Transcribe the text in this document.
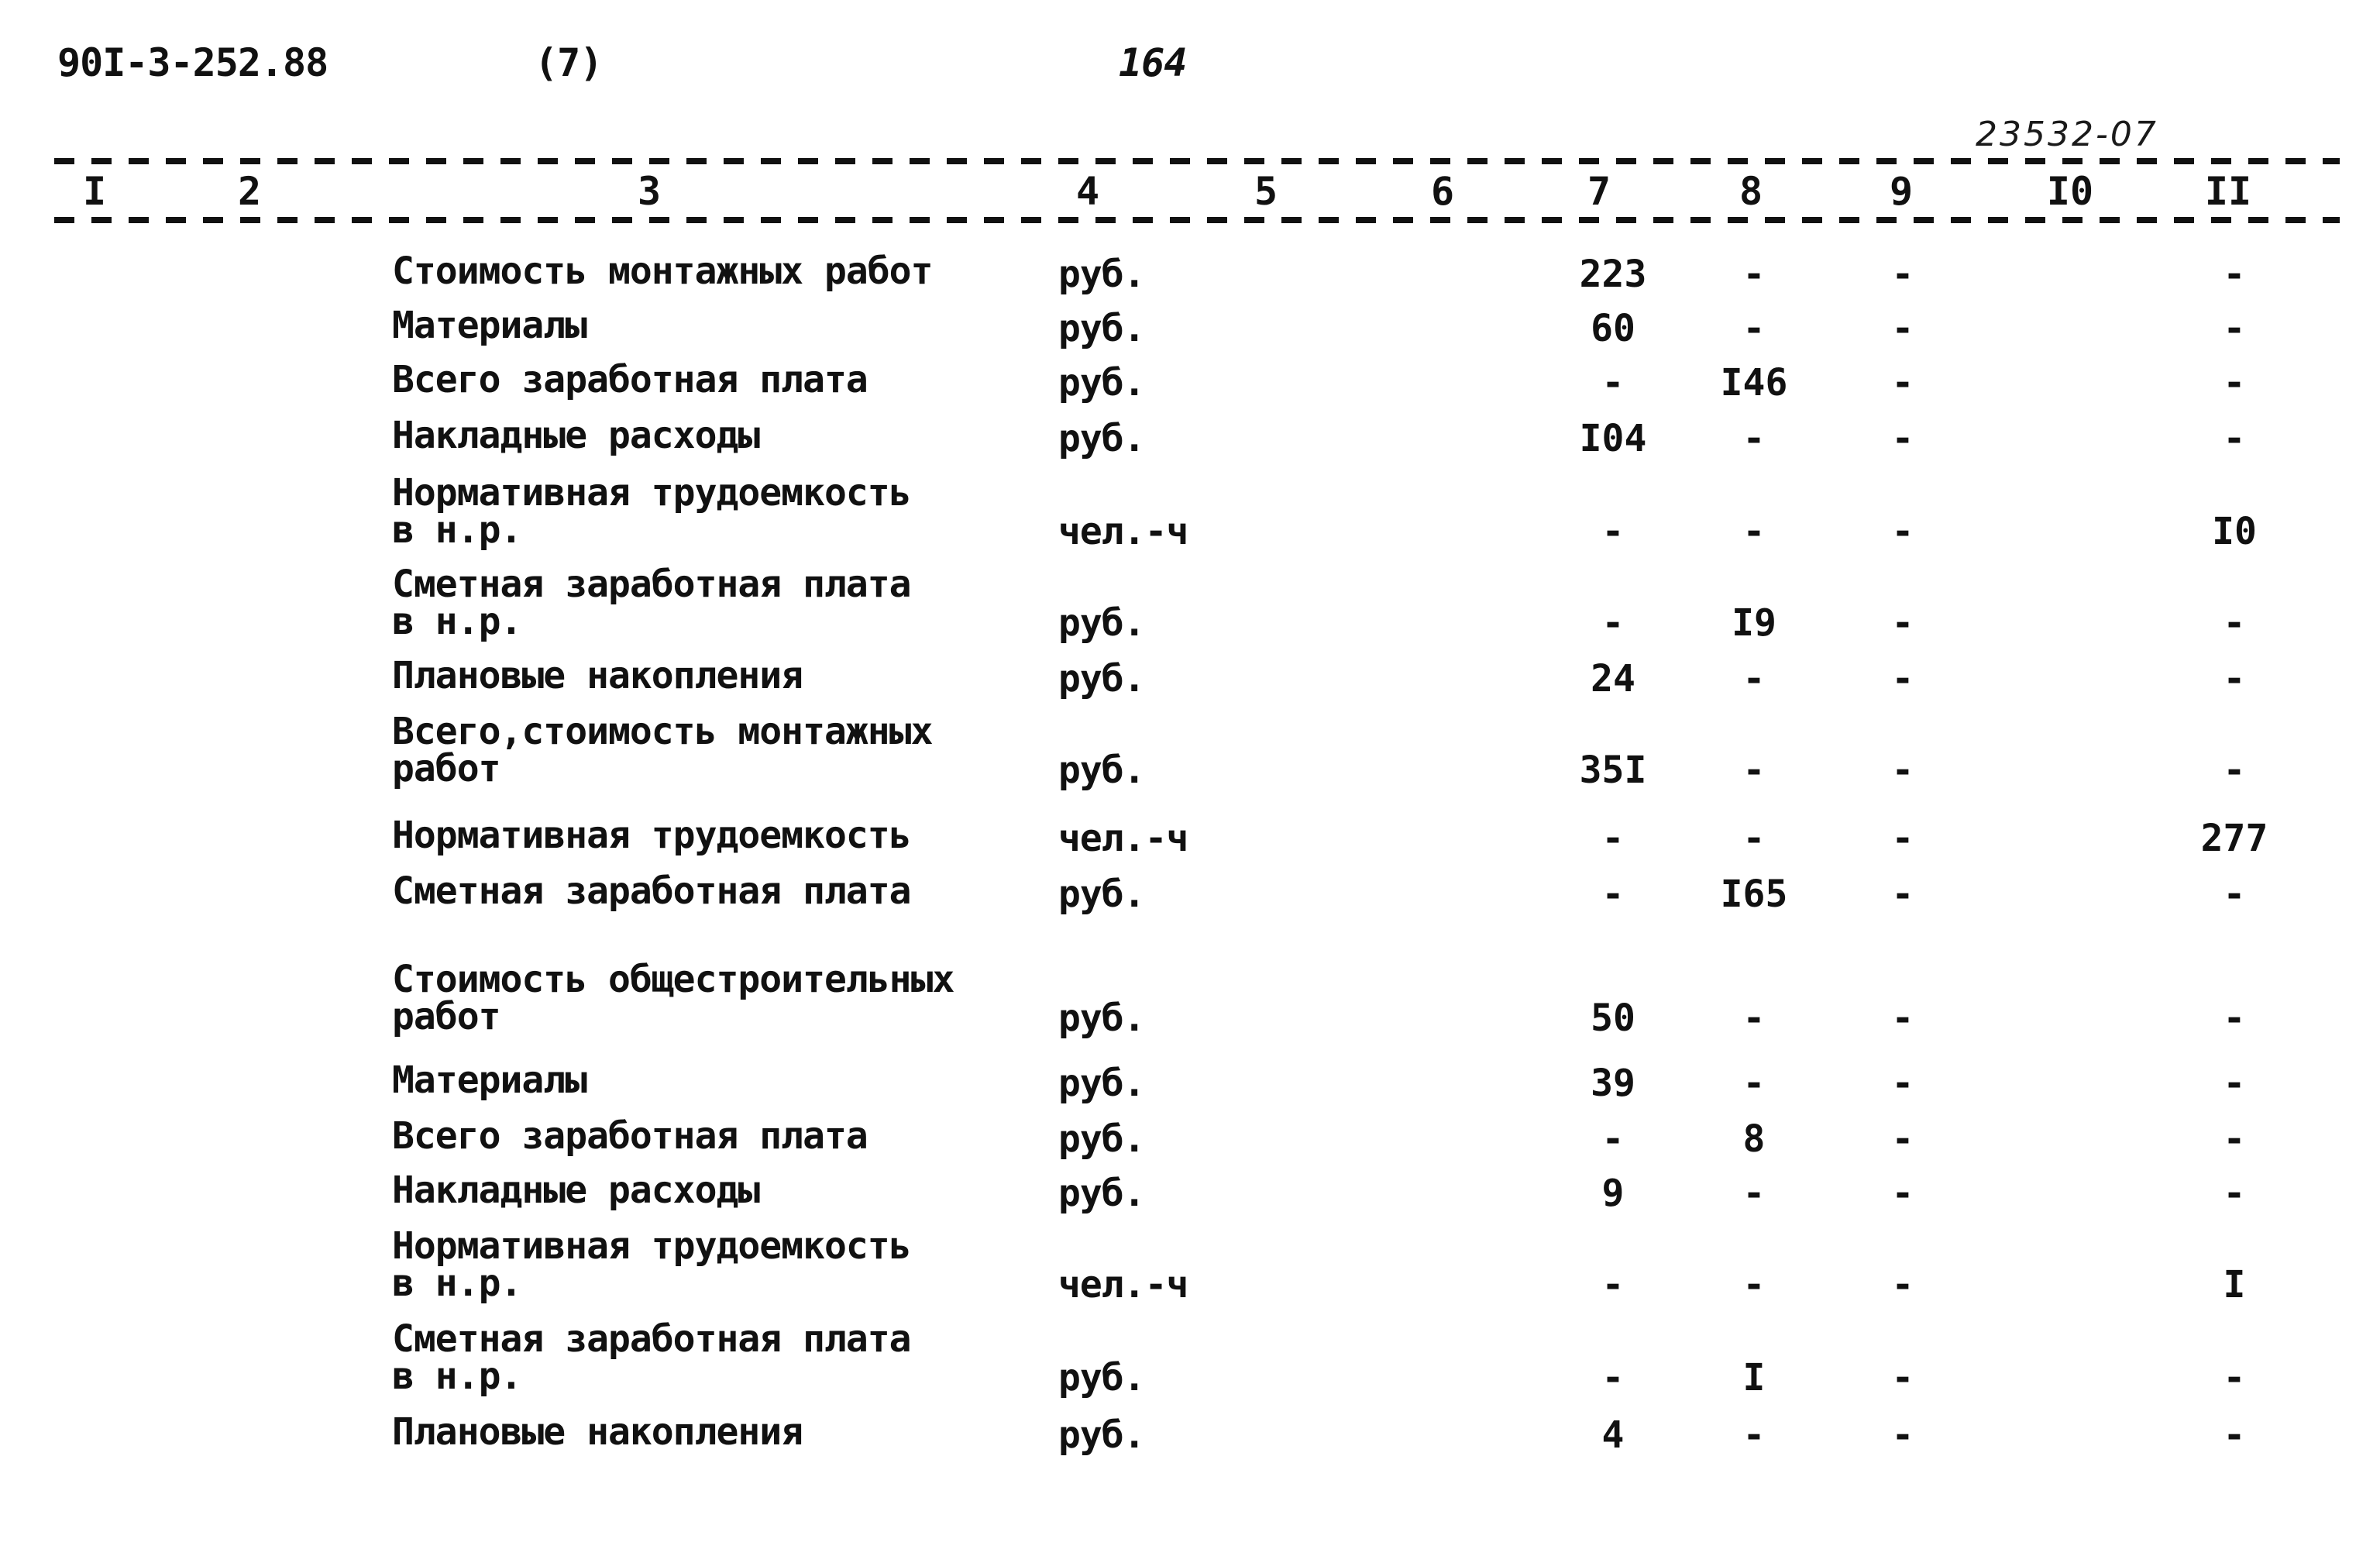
90I-3-252.88	(7)	164
23532-07
I	2	3	4	5	6	7	8	9	I0	II
Стоимость монтажных работ	руб.	223	-	-	-
Материалы	руб.	60	-	-	-
Всего заработная плата	руб.	-	I46	-	-
Накладные расходы	руб.	I04	-	-	-
Нормативная трудоемкость
в н.р.	чел.-ч	-	-	-	I0
Сметная заработная плата
в н.р.	руб.	-	I9	-	-
Плановые накопления	руб.	24	-	-	-
Всего,стоимость монтажных
работ	руб.	35I	-	-	-
Нормативная трудоемкость	чел.-ч	-	-	-	277
Сметная заработная плата	руб.	-	I65	-	-
Стоимость общестроительных
работ	руб.	50	-	-	-
Материалы	руб.	39	-	-	-
Всего заработная плата	руб.	-	8	-	-
Накладные расходы	руб.	9	-	-	-
Нормативная трудоемкость
в н.р.	чел.-ч	-	-	-	I
Сметная заработная плата
в н.р.	руб.	-	I	-	-
Плановые накопления	руб.	4	-	-	-
